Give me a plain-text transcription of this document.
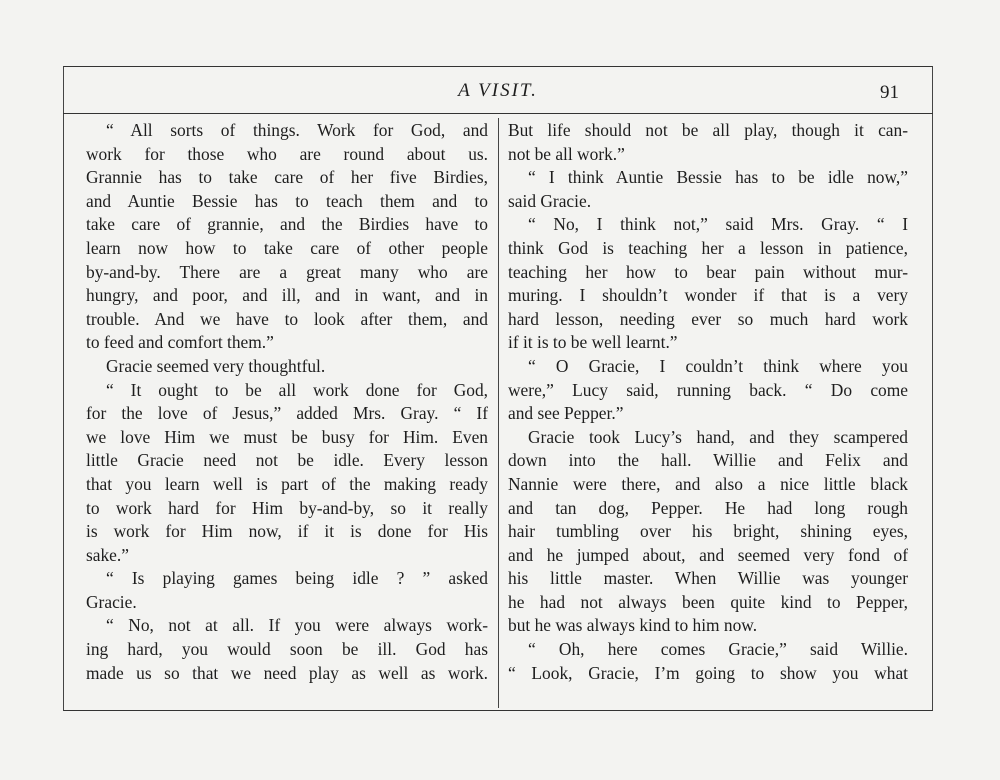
A VISIT.	91
“ All sorts of things. Work for God, and
work for those who are round about us.
Grannie has to take care of her five Birdies,
and Auntie Bessie has to teach them and to
take care of grannie, and the Birdies have to
learn now how to take care of other people
by-and-by. There are a great many who are
hungry, and poor, and ill, and in want, and in
trouble. And we have to look after them, and
to feed and comfort them.”
Gracie seemed very thoughtful.
“ It ought to be all work done for God,
for the love of Jesus,” added Mrs. Gray. “ If
we love Him we must be busy for Him. Even
little Gracie need not be idle. Every lesson
that you learn well is part of the making ready
to work hard for Him by-and-by, so it really
is work for Him now, if it is done for His
sake.”
“ Is playing games being idle ? ” asked
Gracie.
“ No, not at all. If you were always work-
ing hard, you would soon be ill. God has
made us so that we need play as well as work.
But life should not be all play, though it can-
not be all work.”
“ I think Auntie Bessie has to be idle now,”
said Gracie.
“ No, I think not,” said Mrs. Gray. “ I
think God is teaching her a lesson in patience,
teaching her how to bear pain without mur-
muring. I shouldn’t wonder if that is a very
hard lesson, needing ever so much hard work
if it is to be well learnt.”
“ O Gracie, I couldn’t think where you
were,” Lucy said, running back. “ Do come
and see Pepper.”
Gracie took Lucy’s hand, and they scampered
down into the hall. Willie and Felix and
Nannie were there, and also a nice little black
and tan dog, Pepper. He had long rough
hair tumbling over his bright, shining eyes,
and he jumped about, and seemed very fond of
his little master. When Willie was younger
he had not always been quite kind to Pepper,
but he was always kind to him now.
“ Oh, here comes Gracie,” said Willie.
“ Look, Gracie, I’m going to show you what
